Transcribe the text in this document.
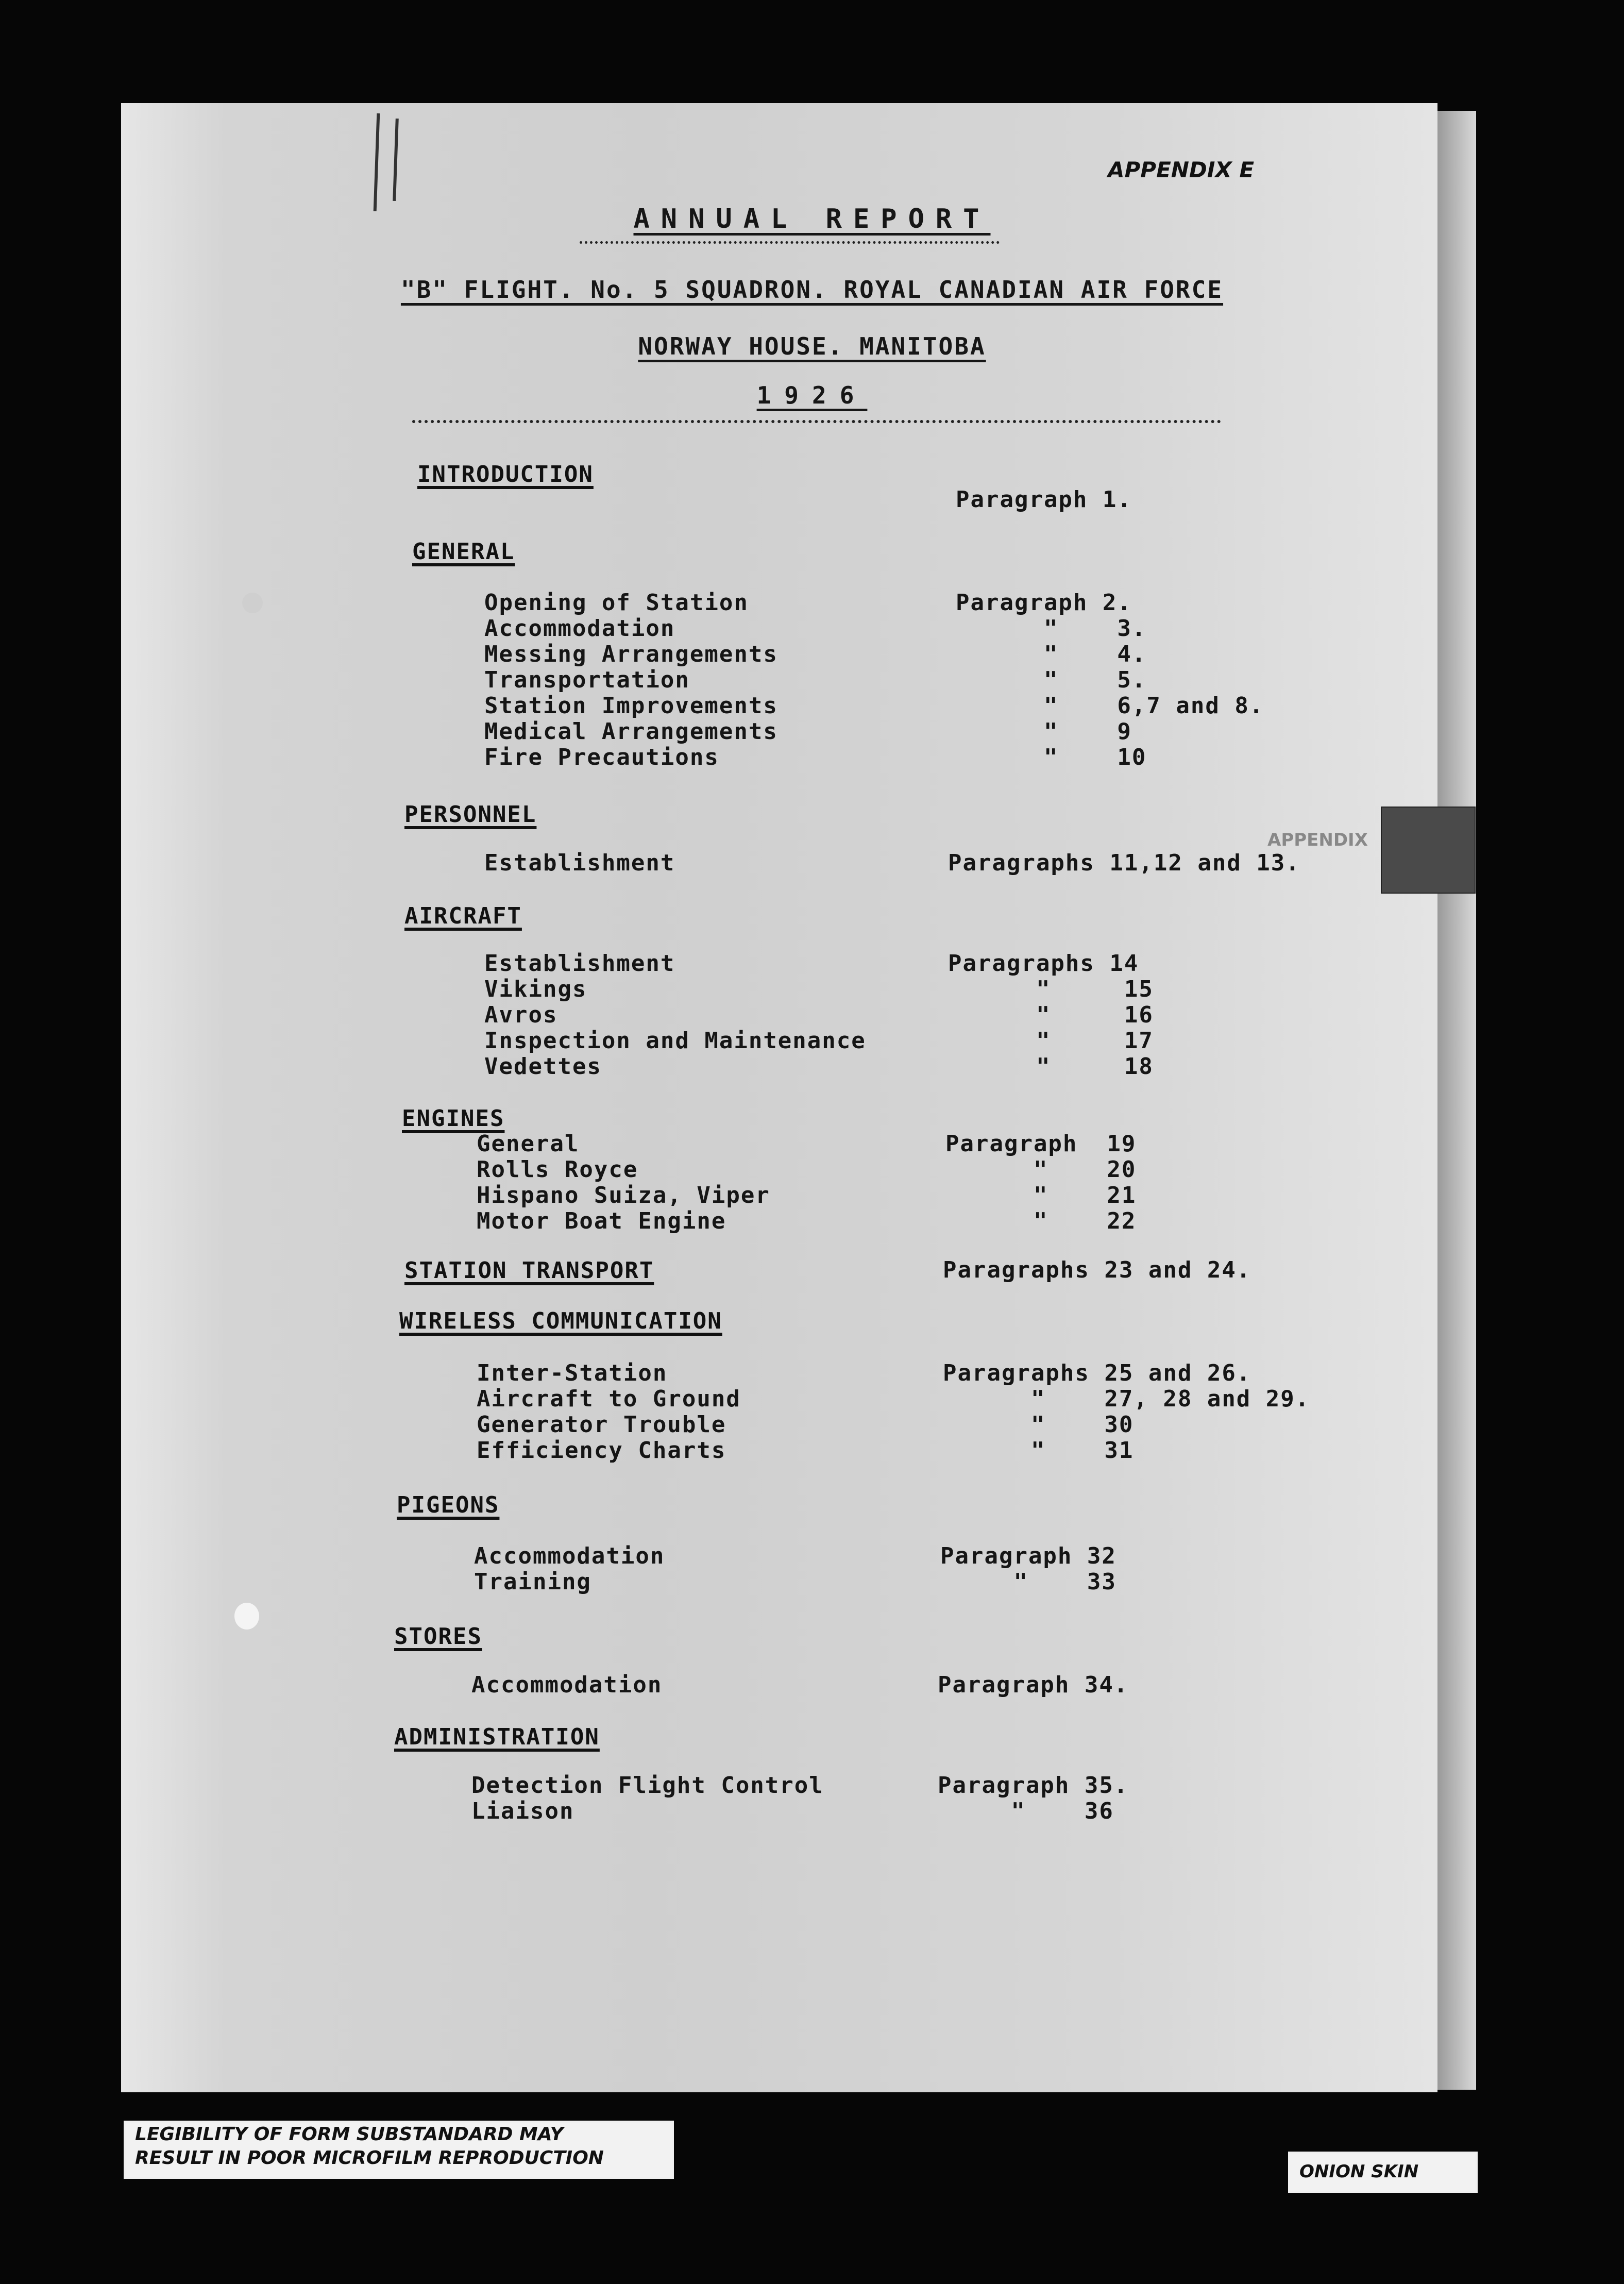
APPENDIX
APPENDIX E
ANNUAL REPORT
"B" FLIGHT. No. 5 SQUADRON. ROYAL CANADIAN AIR FORCE
NORWAY HOUSE. MANITOBA
1926
INTRODUCTION
Paragraph 1.
GENERAL
Opening of Station	Paragraph 2.
Accommodation	"    3.
Messing Arrangements	"    4.
Transportation	"    5.
Station Improvements	"    6,7 and 8.
Medical Arrangements	"    9
Fire Precautions	"    10
PERSONNEL
Establishment	Paragraphs 11,12 and 13.
AIRCRAFT
Establishment	Paragraphs 14
Vikings	"     15
Avros	"     16
Inspection and Maintenance	"     17
Vedettes	"     18
ENGINES
General	Paragraph  19
Rolls Royce	"    20
Hispano Suiza, Viper	"    21
Motor Boat Engine	"    22
STATION TRANSPORT	Paragraphs 23 and 24.
WIRELESS COMMUNICATION
Inter-Station	Paragraphs 25 and 26.
Aircraft to Ground	"    27, 28 and 29.
Generator Trouble	"    30
Efficiency Charts	"    31
PIGEONS
Accommodation	Paragraph 32
Training	"    33
STORES
Accommodation	Paragraph 34.
ADMINISTRATION
Detection Flight Control	Paragraph 35.
Liaison	"    36
LEGIBILITY OF FORM SUBSTANDARD MAY
RESULT IN POOR MICROFILM REPRODUCTION
ONION SKIN
